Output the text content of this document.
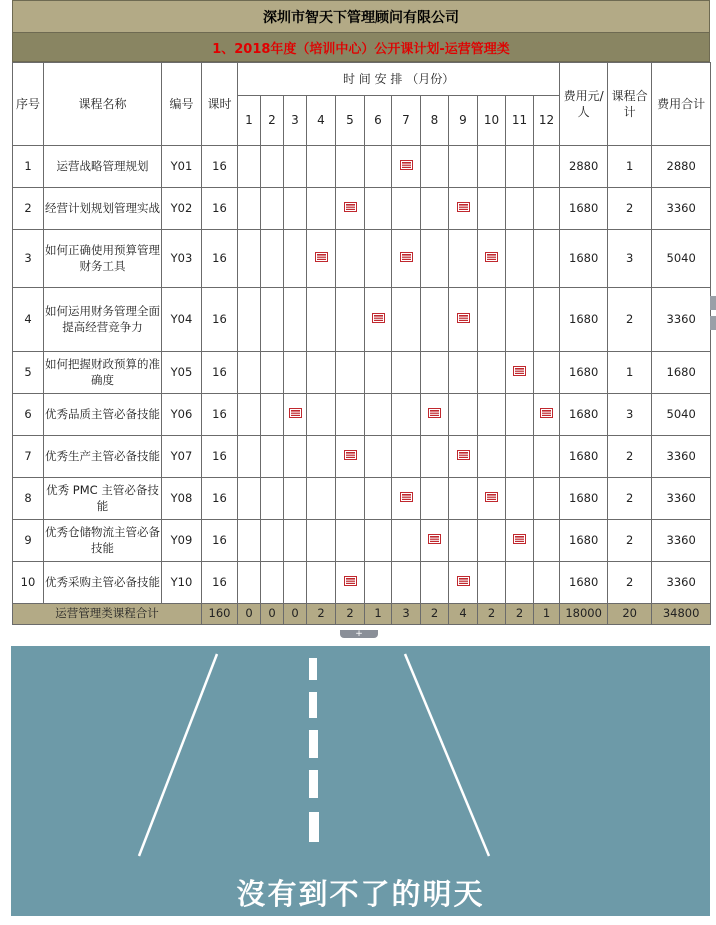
深圳市智天下管理顾问有限公司
1、2018年度（培训中心）公开课计划-运营管理类
序号	课程名称	编号	课时	时 间 安 排 （月份）												费用元/人	课程合计	费用合计
				1	2	3	4	5	6	7	8	9	10	11	12			
1	运营战略管理规划	Y01	16													2880	1	2880
2	经营计划规划管理实战	Y02	16													1680	2	3360
3	如何正确使用预算管理财务工具	Y03	16													1680	3	5040
4	如何运用财务管理全面提高经营竞争力	Y04	16													1680	2	3360
5	如何把握财政预算的准确度	Y05	16													1680	1	1680
6	优秀品质主管必备技能	Y06	16													1680	3	5040
7	优秀生产主管必备技能	Y07	16													1680	2	3360
8	优秀 PMC 主管必备技能	Y08	16													1680	2	3360
9	优秀仓储物流主管必备技能	Y09	16													1680	2	3360
10	优秀采购主管必备技能	Y10	16													1680	2	3360
运营管理类课程合计			160	0	0	0	2	2	1	3	2	4	2	2	1	18000	20	34800
+
沒有到不了的明天
